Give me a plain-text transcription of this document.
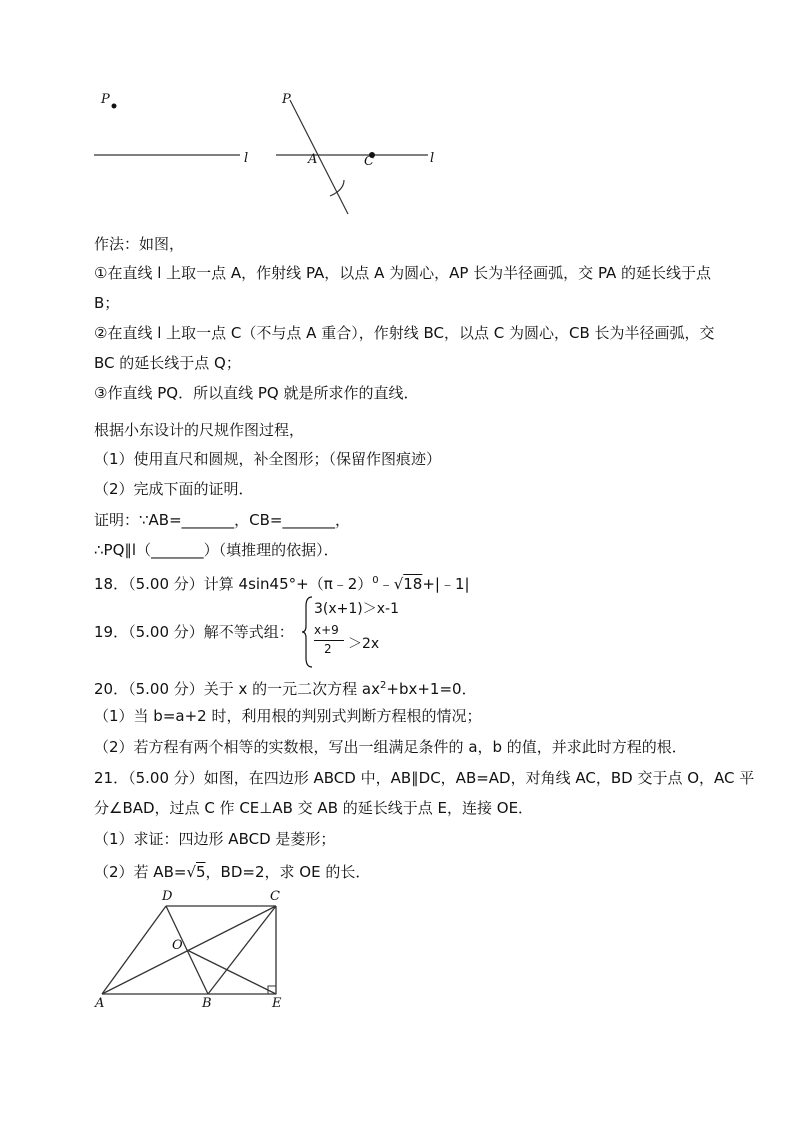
P
l
P
A	C	l
作法：如图，
①在直线 l 上取一点 A，作射线 PA，以点 A 为圆心，AP 长为半径画弧，交 PA 的延长线于点
B；
②在直线 l 上取一点 C（不与点 A 重合），作射线 BC，以点 C 为圆心，CB 长为半径画弧，交
BC 的延长线于点 Q；
③作直线 PQ．所以直线 PQ 就是所求作的直线．
根据小东设计的尺规作图过程，
（1）使用直尺和圆规，补全图形；（保留作图痕迹）
（2）完成下面的证明．
证明：∵AB=_______，CB=_______，
∴PQ∥l（_______）（填推理的依据）．
18．（5.00 分）计算 4sin45°+（π﹣2）$^0$﹣√18+|﹣1|
19．（5.00 分）解不等式组：
3(x+1)＞x-1
x+9
2 ＞2x
20．（5.00 分）关于 x 的一元二次方程 $ax^2+bx+1=0$．
（1）当 b=a+2 时，利用根的判别式判断方程根的情况；
（2）若方程有两个相等的实数根，写出一组满足条件的 a，b 的值，并求此时方程的根．
21．（5.00 分）如图，在四边形 ABCD 中，AB∥DC，AB=AD，对角线 AC，BD 交于点 O，AC 平
分∠BAD，过点 C 作 CE⊥AB 交 AB 的延长线于点 E，连接 OE．
（1）求证：四边形 ABCD 是菱形；
（2）若 AB=√5，BD=2，求 OE 的长．
D	C
O
A	B	E
